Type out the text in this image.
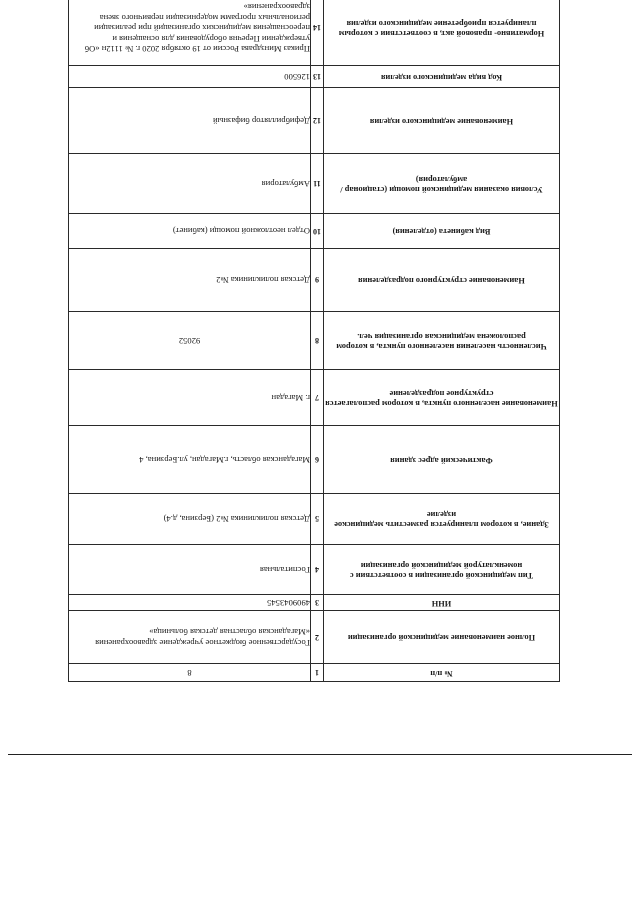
№ п/п	1	8
Полное наименование медицинской организации	2	Государственное бюджетное учреждение здравоохранения «Магаданская областная детская больница»
ИНН	3	4909043545
Тип медицинской организации в соответствии с номенклатурой медицинской организации	4	Госпитальная
Здание, в котором планируется разместить медицинское изделие	5	Детская поликлиника №2 (Берзина, д.4)
Фактический адрес здания	6	Магаданская область, г.Магадан, ул.Берзина, 4
Наименование населенного пункта, в котором располагается структурное подразделение	7	г. Магадан
Численность населения населенного пункта, в котором расположена медицинская организация чел.	8	92052
Наименование структурного подразделения	9	Детская поликлиника №2
Вид кабинета (отделения)	10	Отдел неотложной помощи (кабинет)
Условия оказания медицинской помощи (стационар /амбулатория)	11	Амбулатория
Наименование медицинского изделия	12	Дефибриллятор бифазный
Код вида медицинского изделия	13	126500
Нормативно- правовой акт, в соответствии с которым планируется приобретение медицинского изделия	14	Приказ Минздрава России от 19 октября 2020 г. № 1112н «Об утверждении Перечня оборудования для оснащения и переоснащения медицинских организаций при реализации региональных программ модернизации первичного звена здравоохранения»
